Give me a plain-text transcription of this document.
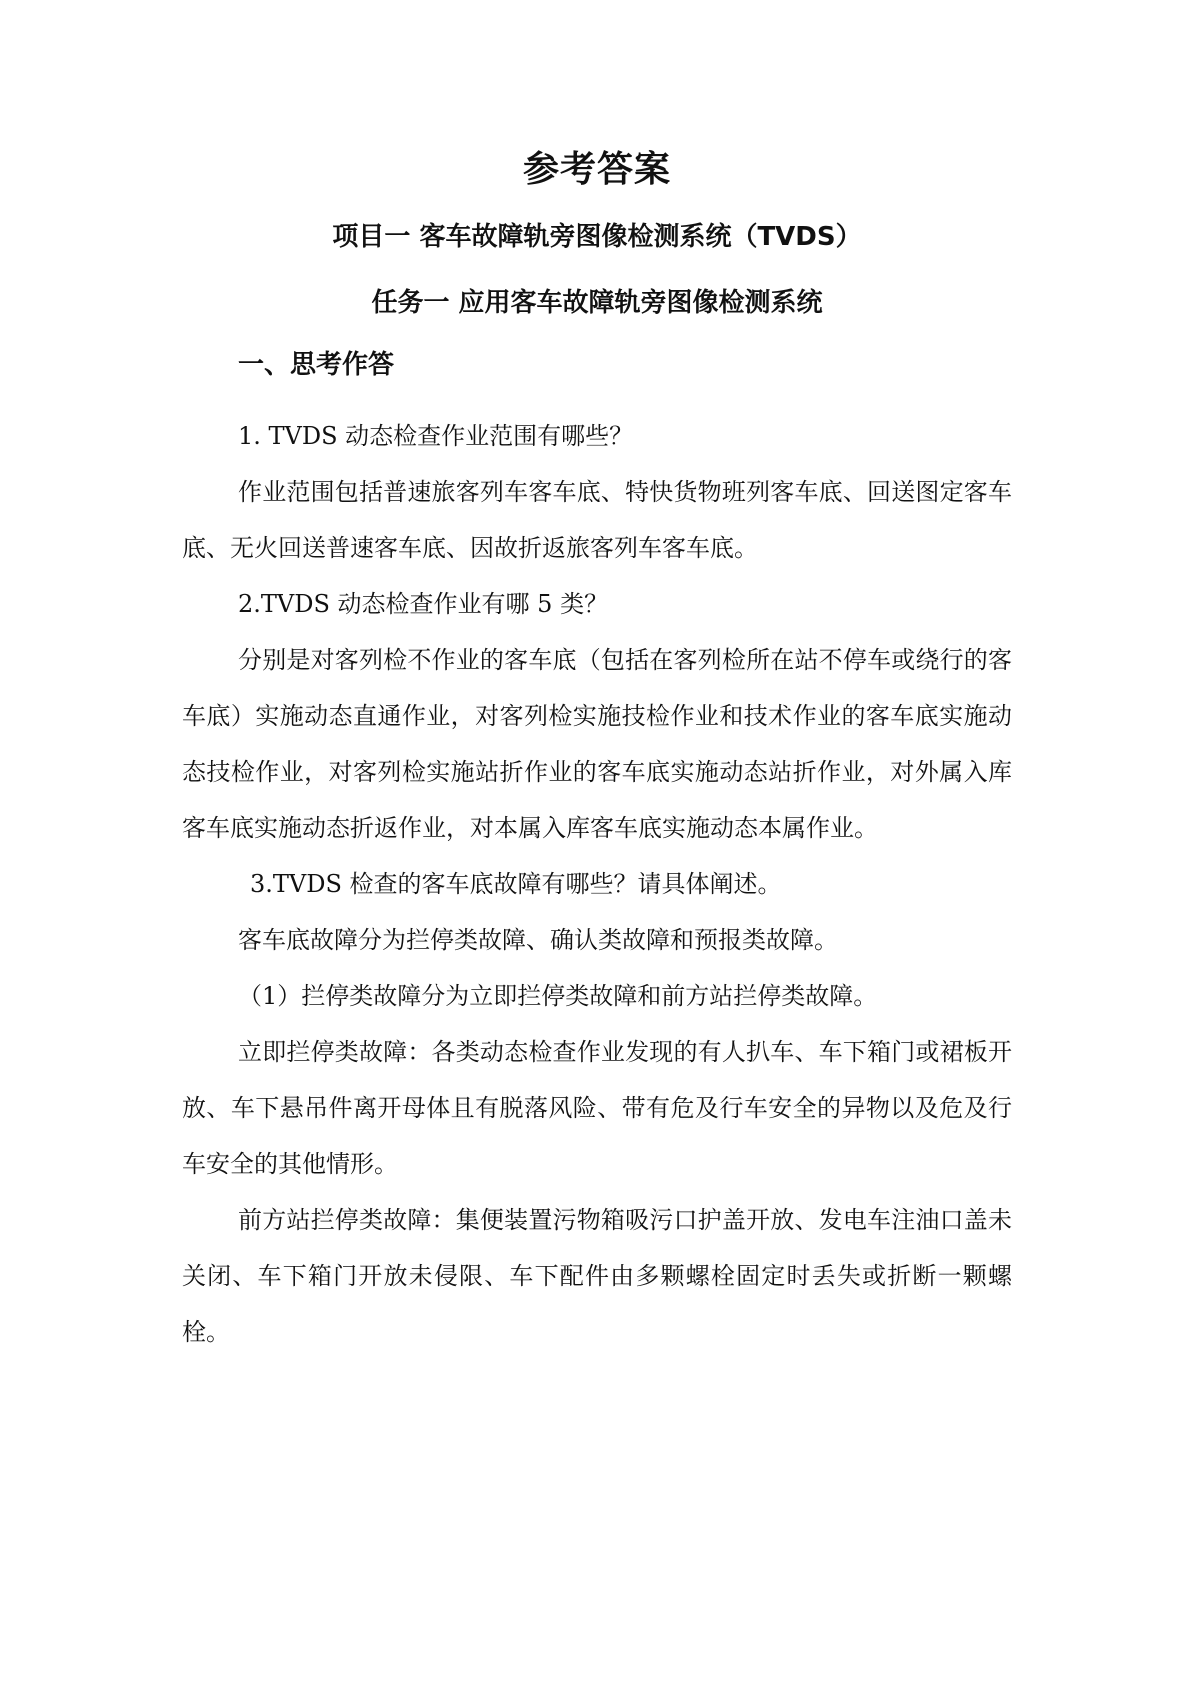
参考答案
项目一 客车故障轨旁图像检测系统（TVDS）
任务一 应用客车故障轨旁图像检测系统
一、思考作答

1. TVDS 动态检查作业范围有哪些？

作业范围包括普速旅客列车客车底、特快货物班列客车底、回送图定客车底、无火回送普速客车底、因故折返旅客列车客车底。

2.TVDS 动态检查作业有哪 5 类？

分别是对客列检不作业的客车底（包括在客列检所在站不停车或绕行的客车底）实施动态直通作业，对客列检实施技检作业和技术作业的客车底实施动态技检作业，对客列检实施站折作业的客车底实施动态站折作业，对外属入库客车底实施动态折返作业，对本属入库客车底实施动态本属作业。

3.TVDS 检查的客车底故障有哪些？请具体阐述。

客车底故障分为拦停类故障、确认类故障和预报类故障。

（1）拦停类故障分为立即拦停类故障和前方站拦停类故障。

立即拦停类故障：各类动态检查作业发现的有人扒车、车下箱门或裙板开放、车下悬吊件离开母体且有脱落风险、带有危及行车安全的异物以及危及行车安全的其他情形。

前方站拦停类故障：集便装置污物箱吸污口护盖开放、发电车注油口盖未关闭、车下箱门开放未侵限、车下配件由多颗螺栓固定时丢失或折断一颗螺栓。
